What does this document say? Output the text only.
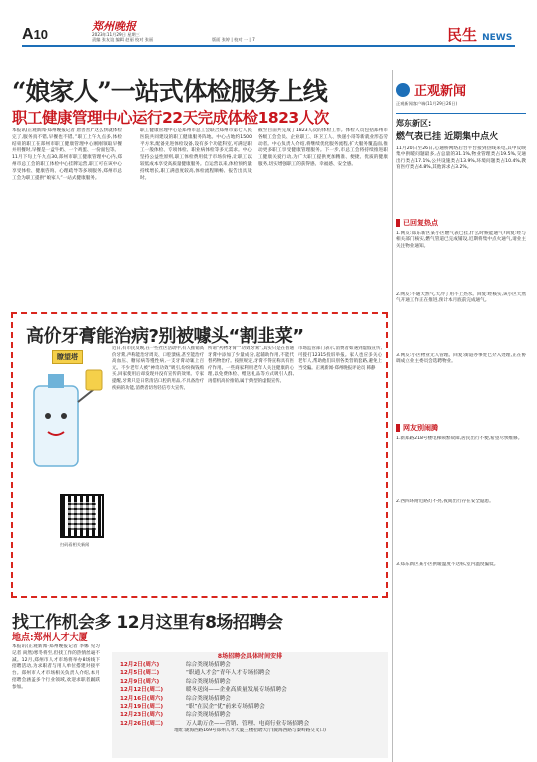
A10
郑州晚报
2023年11月29日 星期三
责编 张友谊 编辑 赵丽 校对 张丽	版面 张婷 | 校对 一 | 7	民生 NEWS
“娘家人”一站式体检服务上线
职工健康管理中心运行22天完成体检1823人次
本报讯(正观新闻·郑州晚报记者 唐善善)“这么快就体检完了,服务真不错,早餐也不错。”职工上午九点多,体检结束的职工在郑州市职工健康管理中心刚刚领取早餐并用餐时,早餐是一盒牛奶、一个鸡蛋、一份面包等。
11月下旬上午九点30,郑州市职工健康管理中心内,郑州市总工会的职工体检中心挂牌运营,职工可在该中心享受体检、健康咨询、心理疏导等多项服务,郑州市总工会为职工提供“娘家人”一站式健康服务。
职工健康管理中心是郑州市总工会联合郑州市第七人民医院共同建设的职工健康服务阵地。中心占地约1500平方米,配备先进体检设备,设有多个功能科室,可满足职工一般体检、专项体检、职业病体检等多元需求。中心坚持公益性原则,职工体检费用低于市场价格,让职工以较低成本享受高质量健康服务。自运营以来,体检预约量持续增长,职工满意度较高,体检流程顺畅、报告出具及时。
截至目前共完成了1823人次的体检工作。体检人员包括郑州市各级工会会员、企业职工、环卫工人、快递小哥等新就业形态劳动者。中心负责人介绍,将继续优化服务流程,扩大服务覆盖面,推动更多职工享受健康管理服务。下一步,市总工会将持续推进职工健康关爱行动,为广大职工提供更加精准、便捷、优质的健康服务,切实增强职工的获得感、幸福感、安全感。
正观新闻
正观新闻客户端(11月29日26日)
郑东新区:
燃气表已挂 近期集中点火
11月20日至26日,心通桥网络后台平台接到热线来电,其中反映集中供暖问题最多,占总量的31.1%,物业管理类占19.5%,交通出行类占17.1%,公共设施类占13.9%,环境问题类占10.4%,教育医疗类占4.8%,其他诉求占3.2%。
已回复热点
1.网友:郑东新区某小区燃气表已挂,什么时候能通气?回复:经与相关部门核实,燃气管道已完成铺设,近期将集中点火通气,请业主关注物业通知。
2.网友:不通天然气,天冷了用不上热水。回复:经核实,该小区天然气开通工作正在推进,预计本月底前完成通气。
3.网友:小区物业无人管理。回复:街道办事处已介入处理,正在协调成立业主委员会选聘物业。
网友别闹腾
1.新郑路218号楼电梯频繁故障,居民出行不便,希望尽快维修。
2.西四环附近路灯不亮,夜间出行存在安全隐患。
3.郑东新区某小区供暖温度不达标,室内温度偏低。
高价牙膏能治病?别被噱头“割韭菜”
瞭望塔
扫码看相关新闻
近日,有市民反映,在一些社区活动中,有人推销高价牙膏,声称能治牙周炎、口腔溃疡,甚至能治疗高血压、糖尿病等慢性病,一支牙膏动辄上百元。不少老年人被“神奇功效”吸引,纷纷掏钱购买,回家使用后却发现并没有宣传的效果。专家提醒,牙膏只是日常清洁口腔的用品,不具备治疗疾病的功能,消费者切勿轻信夸大宣传。
所谓“药物牙膏”“功效牙膏”,其实只是在普通牙膏中添加了少量成分,起辅助作用,不能代替药物治疗。按照规定,牙膏不得宣称具有医疗作用。一些商家利用老年人关注健康的心理,以免费体检、赠送礼品等方式吸引人群,再借机高价推销,属于典型的虚假宣传。
市场监管部门表示,消费者如遇到虚假宣传,可拨打12315投诉举报。家人也应多关心老年人,帮助他们识别各类营销套路,避免上当受骗。正观新闻·郑州晚报评论员 韩静
找工作机会多 12月这里有8场招聘会
地点:郑州人才大厦
本报讯(正观新闻·郑州晚报记者 李娜 见习记者 尚然)寒冬将至,但找工作的热情丝毫不减。12月,郑州市人才市场将举办8场线下招聘活动,为求职者与用人单位搭建对接平台。郑州市人才市场相关负责人介绍,本月招聘会涵盖多个行业领域,欢迎求职者踊跃参加。
8场招聘会具体时间安排
12月2日(周六)	综合类现场招聘会
12月5日(周二)	“职通人才会”青年人才专场招聘会
12月9日(周六)	综合类现场招聘会
12月12日(周二)	暖冬送岗——企业高质量发展专场招聘会
12月16日(周六)	综合类现场招聘会
12月19日(周二)	“职”在民企“优”前来专场招聘会
12月23日(周六)	综合类现场招聘会
12月26日(周二)	万人助万企——营销、管理、电商行业专场招聘会
地址:陇海西路169号郑州人才大厦三楼招聘大厅(陇海西路与秦岭路交叉口)
